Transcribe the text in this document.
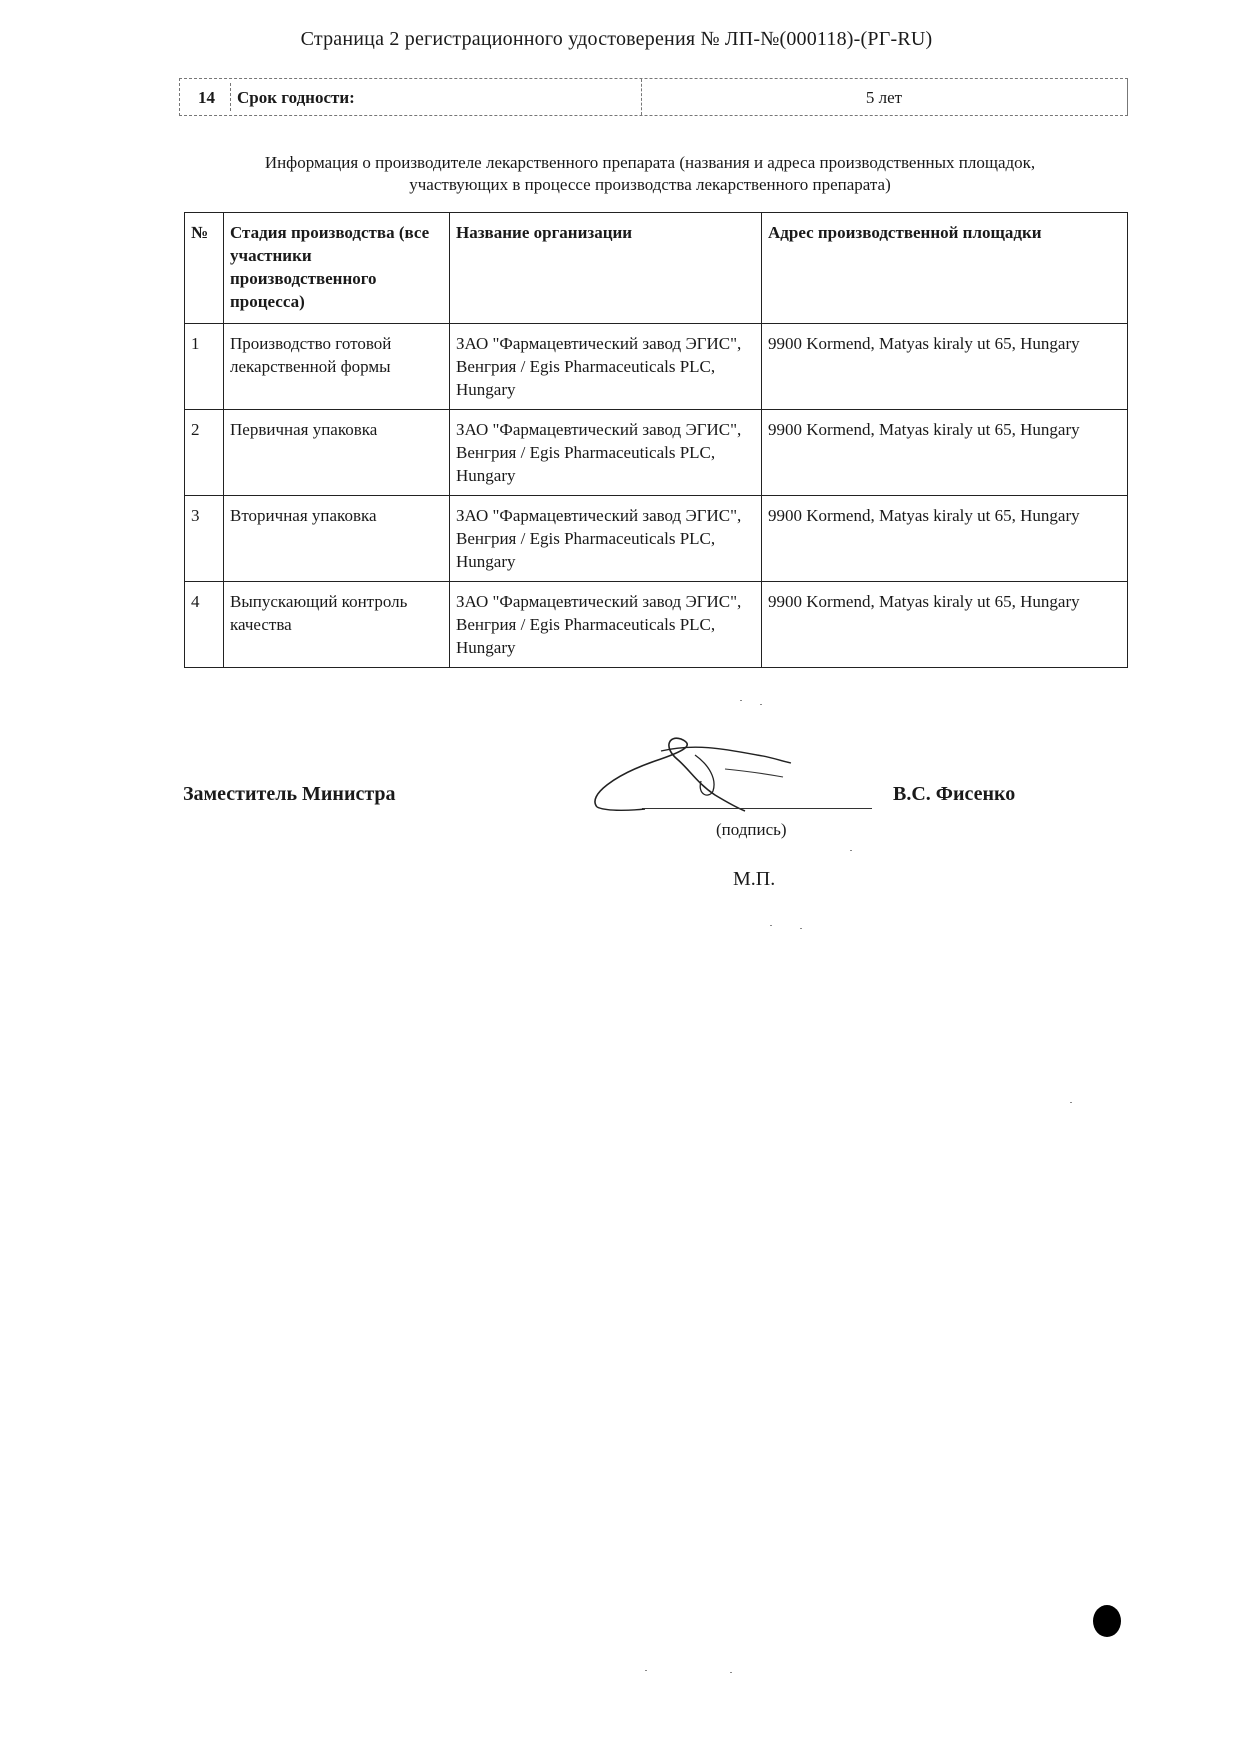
Страница 2 регистрационного удостоверения № ЛП-№(000118)-(РГ-RU)
14 Срок годности:	5 лет
Информация о производителе лекарственного препарата (названия и адреса производственных площадок,
участвующих в процессе производства лекарственного препарата)
№	Стадия производства (все участники производственного процесса)	Название организации	Адрес производственной площадки
1	Производство готовой лекарственной формы	ЗАО "Фармацевтический завод ЭГИС", Венгрия / Egis Pharmaceuticals PLC, Hungary	9900 Kormend, Matyas kiraly ut 65, Hungary
2	Первичная упаковка	ЗАО "Фармацевтический завод ЭГИС", Венгрия / Egis Pharmaceuticals PLC, Hungary	9900 Kormend, Matyas kiraly ut 65, Hungary
3	Вторичная упаковка	ЗАО "Фармацевтический завод ЭГИС", Венгрия / Egis Pharmaceuticals PLC, Hungary	9900 Kormend, Matyas kiraly ut 65, Hungary
4	Выпускающий контроль качества	ЗАО "Фармацевтический завод ЭГИС", Венгрия / Egis Pharmaceuticals PLC, Hungary	9900 Kormend, Matyas kiraly ut 65, Hungary
Заместитель Министра	В.С. Фисенко
(подпись)
М.П.
